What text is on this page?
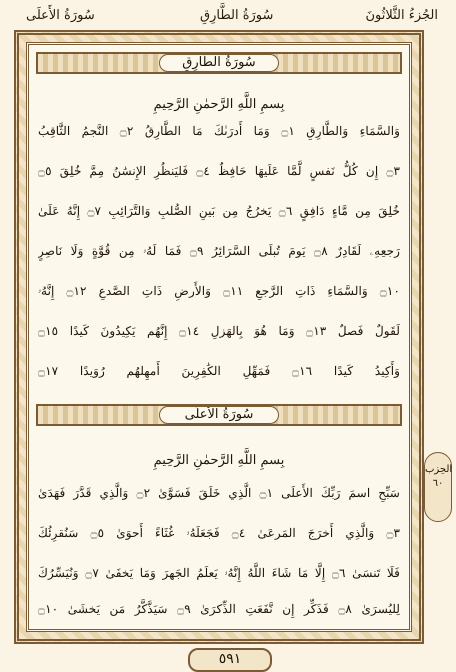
الجُزءُ الثَّلاثُونَ
سُورَةُ الطَّارِقِ
سُورَةُ الأَعلَى
سُورَةُ الطَّارِقِ
بِسمِ اللَّهِ الرَّحمٰنِ الرَّحِيمِ
وَالسَّمَاءِ وَالطَّارِقِ ۝١ وَمَا أَدرَىٰكَ مَا الطَّارِقُ ۝٢ النَّجمُ الثَّاقِبُ
۝٣ إِن كُلُّ نَفسٍ لَّمَّا عَلَيهَا حَافِظٌ ۝٤ فَليَنظُرِ الإِنسَٰنُ مِمَّ خُلِقَ ۝٥
خُلِقَ مِن مَّاءٍ دَافِقٍ ۝٦ يَخرُجُ مِن بَينِ الصُّلبِ وَالتَّرَائِبِ ۝٧ إِنَّهُ عَلَىٰ
رَجعِهِۦ لَقَادِرٌ ۝٨ يَومَ تُبلَى السَّرَائِرُ ۝٩ فَمَا لَهُۥ مِن قُوَّةٍ وَلَا نَاصِرٍ
۝١٠ وَالسَّمَاءِ ذَاتِ الرَّجعِ ۝١١ وَالأَرضِ ذَاتِ الصَّدعِ ۝١٢ إِنَّهُۥ
لَقَولٌ فَصلٌ ۝١٣ وَمَا هُوَ بِالهَزلِ ۝١٤ إِنَّهُم يَكِيدُونَ كَيدًا ۝١٥
وَأَكِيدُ كَيدًا ۝١٦ فَمَهِّلِ الكَٰفِرِينَ أَمهِلهُم رُوَيدًا ۝١٧
سُورَةُ الأَعلَى
بِسمِ اللَّهِ الرَّحمٰنِ الرَّحِيمِ
سَبِّحِ اسمَ رَبِّكَ الأَعلَى ۝١ الَّذِي خَلَقَ فَسَوَّىٰ ۝٢ وَالَّذِي قَدَّرَ فَهَدَىٰ
۝٣ وَالَّذِي أَخرَجَ المَرعَىٰ ۝٤ فَجَعَلَهُۥ غُثَاءً أَحوَىٰ ۝٥ سَنُقرِئُكَ
فَلَا تَنسَىٰ ۝٦ إِلَّا مَا شَاءَ اللَّهُ إِنَّهُۥ يَعلَمُ الجَهرَ وَمَا يَخفَىٰ ۝٧ وَنُيَسِّرُكَ
لِليُسرَىٰ ۝٨ فَذَكِّر إِن نَّفَعَتِ الذِّكرَىٰ ۝٩ سَيَذَّكَّرُ مَن يَخشَىٰ ۝١٠
الحِزب
٦٠
٥٩١
